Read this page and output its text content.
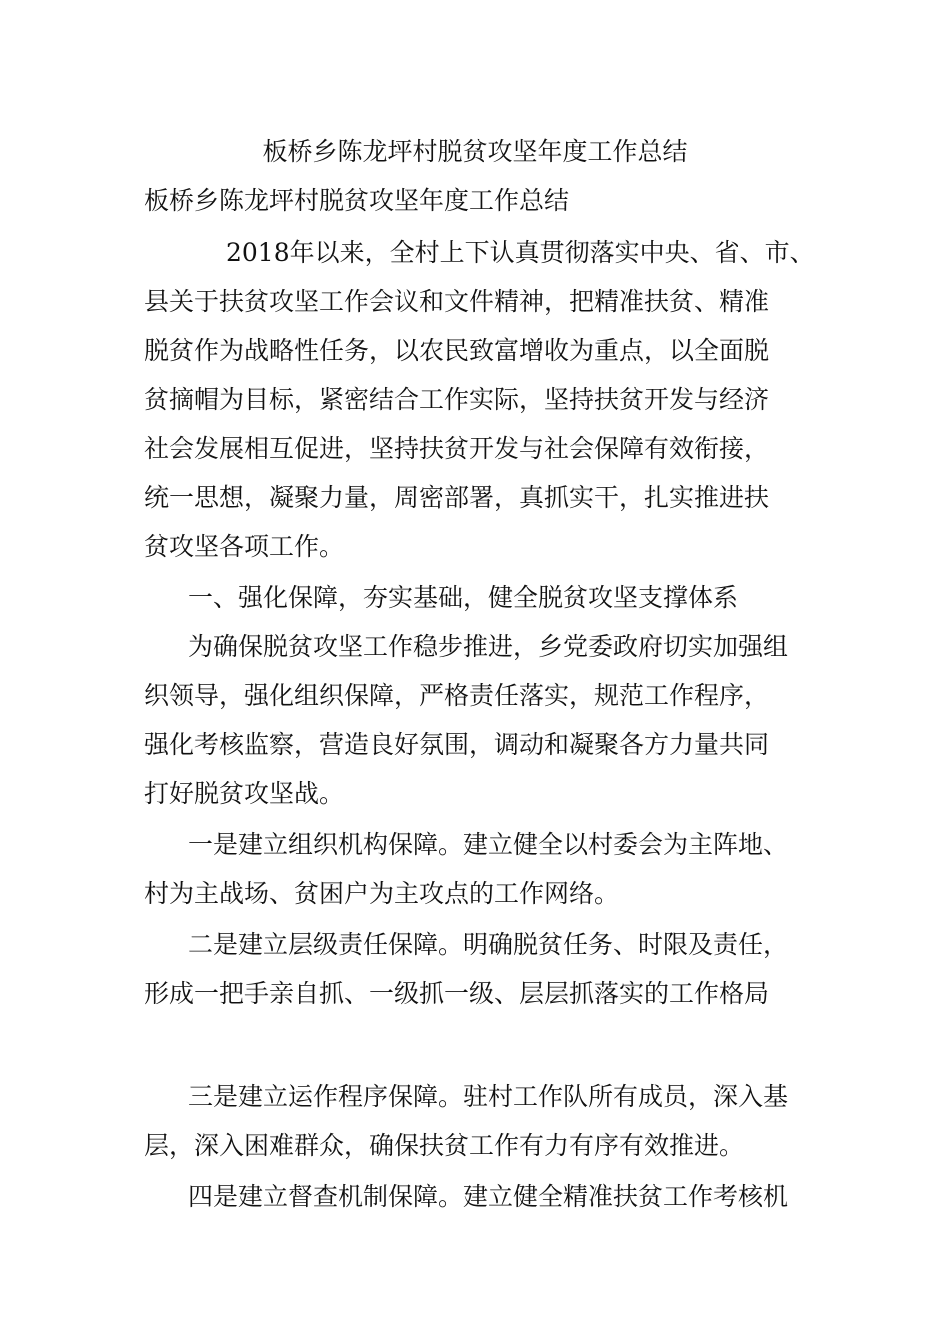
板桥乡陈龙坪村脱贫攻坚年度工作总结
板桥乡陈龙坪村脱贫攻坚年度工作总结
2018年以来，全村上下认真贯彻落实中央、省、市、
县关于扶贫攻坚工作会议和文件精神，把精准扶贫、精准
脱贫作为战略性任务，以农民致富增收为重点，以全面脱
贫摘帽为目标，紧密结合工作实际，坚持扶贫开发与经济
社会发展相互促进，坚持扶贫开发与社会保障有效衔接，
统一思想，凝聚力量，周密部署，真抓实干，扎实推进扶
贫攻坚各项工作。
一、强化保障，夯实基础，健全脱贫攻坚支撑体系
为确保脱贫攻坚工作稳步推进，乡党委政府切实加强组
织领导，强化组织保障，严格责任落实，规范工作程序，
强化考核监察，营造良好氛围，调动和凝聚各方力量共同
打好脱贫攻坚战。
一是建立组织机构保障。建立健全以村委会为主阵地、
村为主战场、贫困户为主攻点的工作网络。
二是建立层级责任保障。明确脱贫任务、时限及责任，
形成一把手亲自抓、一级抓一级、层层抓落实的工作格局
三是建立运作程序保障。驻村工作队所有成员，深入基
层，深入困难群众，确保扶贫工作有力有序有效推进。
四是建立督查机制保障。建立健全精准扶贫工作考核机
